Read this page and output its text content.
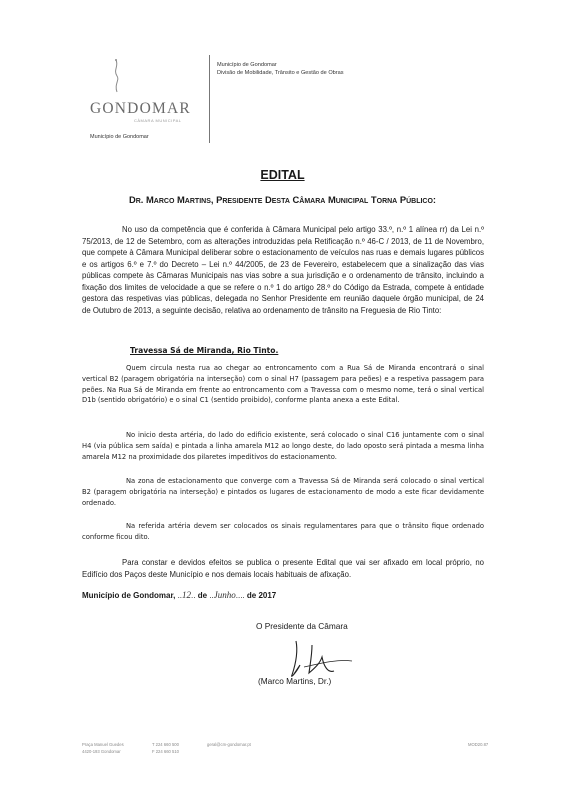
GONDOMAR
CÂMARA MUNICIPAL
Município de Gondomar
Município de Gondomar
Divisão de Mobilidade, Trânsito e Gestão de Obras
EDITAL
Dr. Marco Martins, Presidente Desta Câmara Municipal Torna Público:
No uso da competência que é conferida à Câmara Municipal pelo artigo 33.º, n.º 1 alínea rr) da Lei n.º 75/2013, de 12 de Setembro, com as alterações introduzidas pela Retificação n.º 46-C / 2013, de 11 de Novembro, que compete à Câmara Municipal deliberar sobre o estacionamento de veículos nas ruas e demais lugares públicos e os artigos 6.º e 7.º do Decreto – Lei n.º 44/2005, de 23 de Fevereiro, estabelecem que a sinalização das vias públicas compete às Câmaras Municipais nas vias sobre a sua jurisdição e o ordenamento de trânsito, incluindo a fixação dos limites de velocidade a que se refere o n.º 1 do artigo 28.º do Código da Estrada, compete à entidade gestora das respetivas vias públicas, delegada no Senhor Presidente em reunião daquele órgão municipal, de 24 de Outubro de 2013, a seguinte decisão, relativa ao ordenamento de trânsito na Freguesia de Rio Tinto:
Travessa Sá de Miranda, Rio Tinto.
Quem circula nesta rua ao chegar ao entroncamento com a Rua Sá de Miranda encontrará o sinal vertical B2 (paragem obrigatória na interseção) com o sinal H7 (passagem para peões) e a respetiva passagem para peões. Na Rua Sá de Miranda em frente ao entroncamento com a Travessa com o mesmo nome, terá o sinal vertical D1b (sentido obrigatório) e o sinal C1 (sentido proibido), conforme planta anexa a este Edital.
No inicio desta artéria, do lado do edificio existente, será colocado o sinal C16 juntamente com o sinal H4 (via pública sem saída) e pintada a linha amarela M12 ao longo deste, do lado oposto será pintada a mesma linha amarela M12 na proximidade dos pilaretes impeditivos do estacionamento.
Na zona de estacionamento que converge com a Travessa Sá de Miranda será colocado o sinal vertical B2 (paragem obrigatória na interseção) e pintados os lugares de estacionamento de modo a este ficar devidamente ordenado.
Na referida artéria devem ser colocados os sinais regulamentares para que o trânsito fique ordenado conforme ficou dito.
Para constar e devidos efeitos se publica o presente Edital que vai ser afixado em local próprio, no Edifício dos Paços deste Município e nos demais locais habituais de afixação.
Município de Gondomar, ..12.. de ..Junho.... de 2017
O Presidente da Câmara
(Marco Martins, Dr.)
Praça Manuel Guedes
4420-193 Gondomar
T 224 660 500
F 224 660 510
geral@cm-gondomar.pt	MOD20.87
